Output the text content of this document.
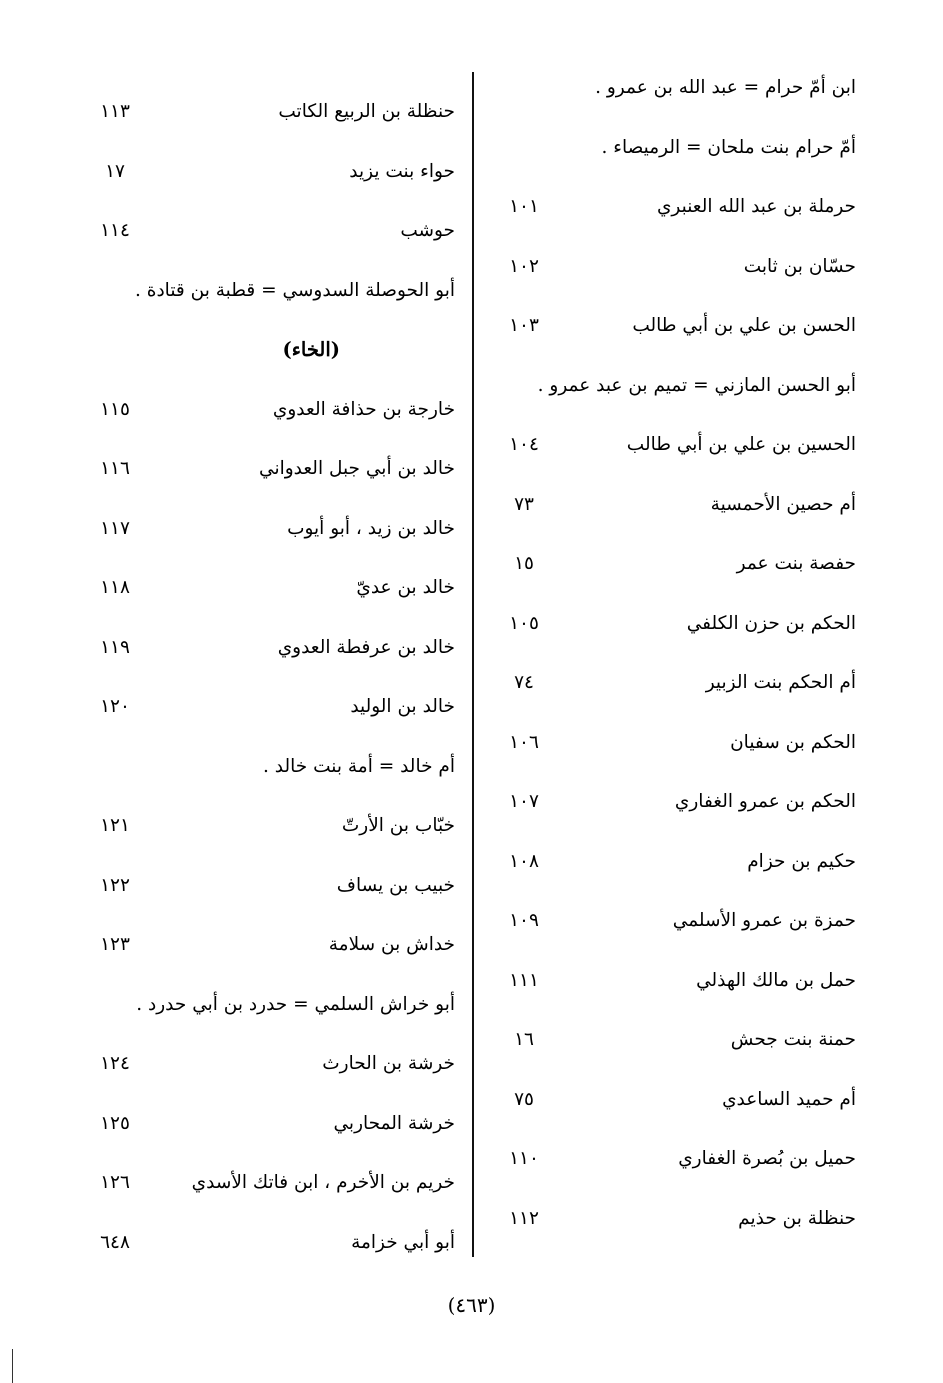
ابن أمّ حرام = عبد الله بن عمرو .
أمّ حرام بنت ملحان = الرميصاء .
حرملة بن عبد الله العنبري
١٠١
حسّان بن ثابت
١٠٢
الحسن بن علي بن أبي طالب
١٠٣
أبو الحسن المازني = تميم بن عبد عمرو .
الحسين بن علي بن أبي طالب
١٠٤
أم حصين الأحمسية
٧٣
حفصة بنت عمر
١٥
الحكم بن حزن الكلفي
١٠٥
أم الحكم بنت الزبير
٧٤
الحكم بن سفيان
١٠٦
الحكم بن عمرو الغفاري
١٠٧
حكيم بن حزام
١٠٨
حمزة بن عمرو الأسلمي
١٠٩
حمل بن مالك الهذلي
١١١
حمنة بنت جحش
١٦
أم حميد الساعدي
٧٥
حميل بن بُصرة الغفاري
١١٠
حنظلة بن حذيم
١١٢
حنظلة بن الربيع الكاتب
١١٣
حواء بنت يزيد
١٧
حوشب
١١٤
أبو الحوصلة السدوسي = قطبة بن قتادة .
(الخاء)
خارجة بن حذافة العدوي
١١٥
خالد بن أبي جبل العدواني
١١٦
خالد بن زيد ، أبو أيوب
١١٧
خالد بن عديّ
١١٨
خالد بن عرفطة العدوي
١١٩
خالد بن الوليد
١٢٠
أم خالد = أمة بنت خالد .
خبّاب بن الأرتّ
١٢١
خبيب بن يساف
١٢٢
خداش بن سلامة
١٢٣
أبو خراش السلمي = حدرد بن أبي حدرد .
خرشة بن الحارث
١٢٤
خرشة المحاربي
١٢٥
خريم بن الأخرم ، ابن فاتك الأسدي
١٢٦
أبو أبي خزامة
٦٤٨
(٤٦٣)
